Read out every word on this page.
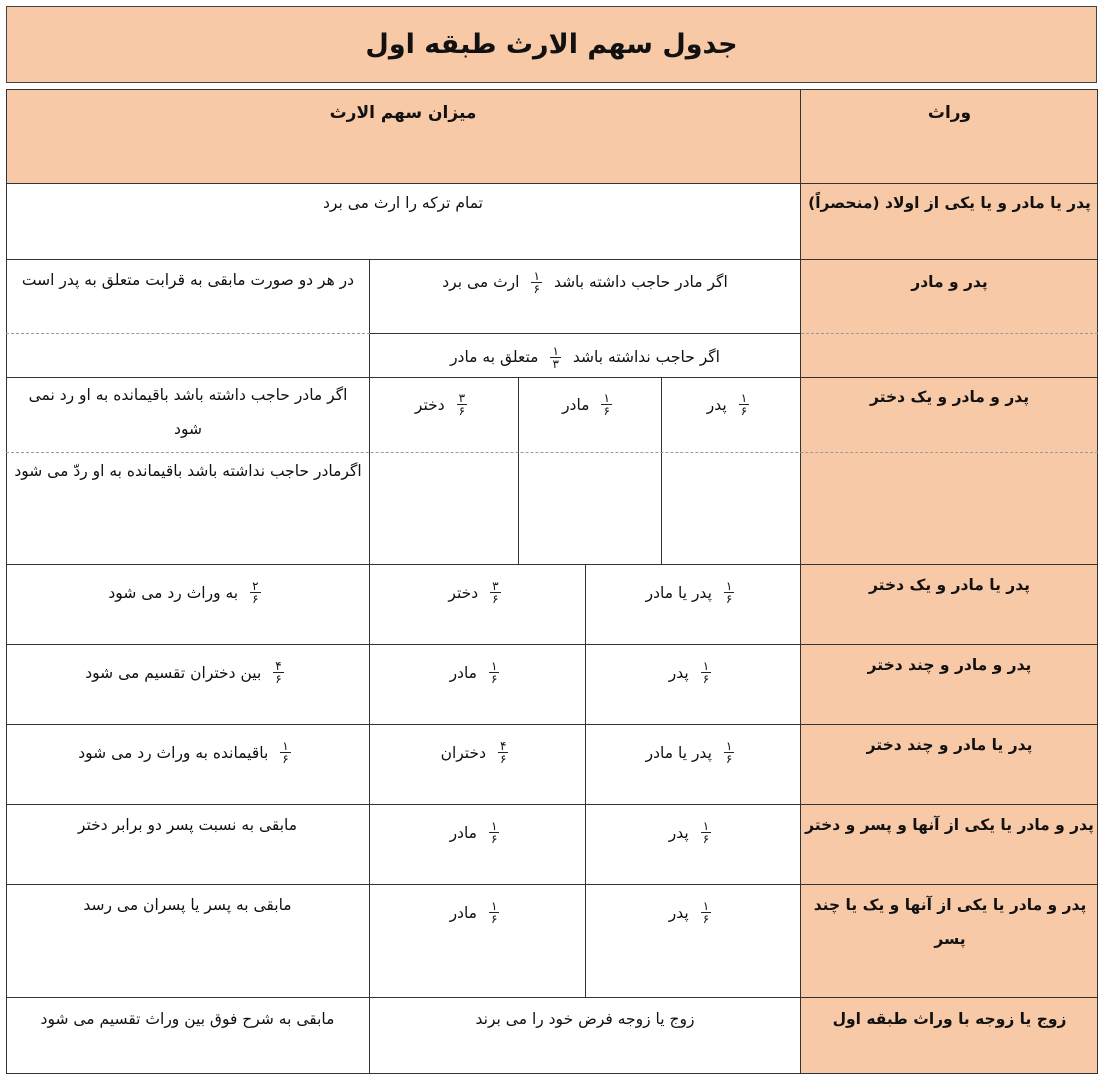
جدول سهم الارث طبقه اول
وراث
میزان سهم الارث
پدر یا مادر و یا یکی از اولاد (منحصراً)
تمام ترکه را ارث می برد
پدر و مادر
اگر مادر حاجب داشته باشد
$\frac{۱}{۶}$
ارث می برد
اگر حاجب نداشته باشد
$\frac{۱}{۳}$
متعلق به مادر
در هر دو صورت مابقی به قرابت متعلق به پدر است
پدر و مادر و یک دختر
$\frac{۱}{۶}$
پدر
$\frac{۱}{۶}$
مادر
$\frac{۳}{۶}$
دختر
اگر مادر حاجب داشته باشد باقیمانده به او رد نمی شود
اگرمادر حاجب نداشته باشد باقیمانده به او ردّ می شود
پدر یا مادر و یک دختر
$\frac{۱}{۶}$
پدر یا مادر
$\frac{۳}{۶}$
دختر
$\frac{۲}{۶}$
به وراث رد می شود
پدر و مادر و چند دختر
$\frac{۱}{۶}$
پدر
$\frac{۱}{۶}$
مادر
$\frac{۴}{۶}$
بین دختران تقسیم می شود
پدر یا مادر و چند دختر
$\frac{۱}{۶}$
پدر یا مادر
$\frac{۴}{۶}$
دختران
$\frac{۱}{۶}$
باقیمانده به وراث رد می شود
پدر و مادر یا یکی از آنها و پسر و دختر
$\frac{۱}{۶}$
پدر
$\frac{۱}{۶}$
مادر
مابقی به نسبت پسر دو برابر دختر
پدر و مادر یا یکی از آنها و یک یا چند پسر
$\frac{۱}{۶}$
پدر
$\frac{۱}{۶}$
مادر
مابقی به پسر یا پسران می رسد
زوج یا زوجه با وراث طبقه اول
زوج یا زوجه فرض خود را می برند
مابقی به شرح فوق بین وراث تقسیم می شود
